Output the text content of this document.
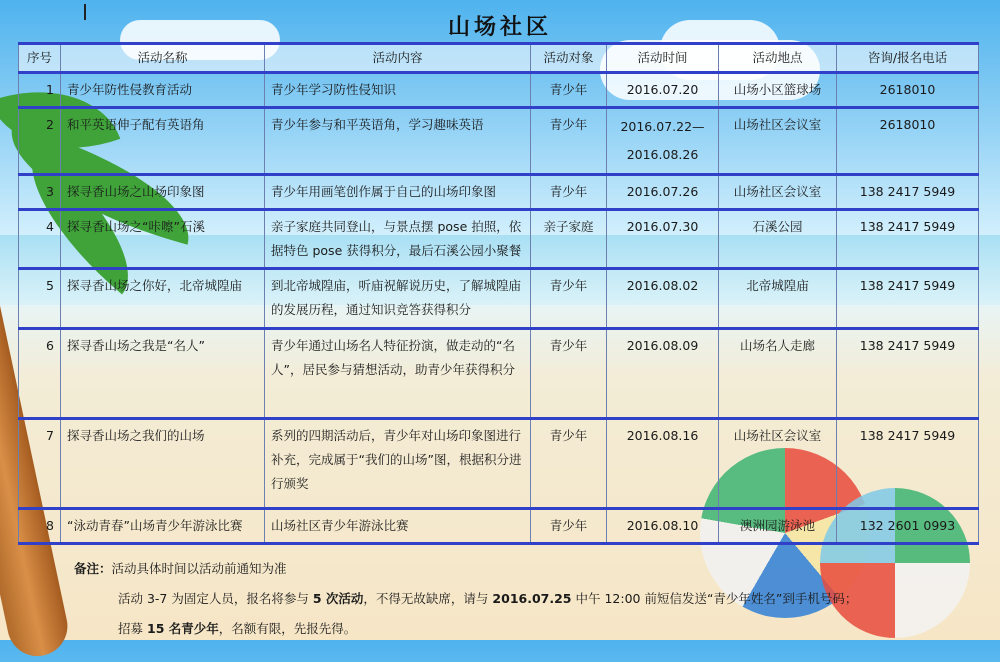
山场社区
序号	活动名称	活动内容	活动对象	活动时间	活动地点	咨询/报名电话
1	青少年防性侵教育活动	青少年学习防性侵知识	青少年	2016.07.20	山场小区篮球场	2618010
2	和平英语伸子配有英语角	青少年参与和平英语角，学习趣味英语	青少年	2016.07.22—2016.08.26	山场社区会议室	2618010
3	探寻香山场之山场印象图	青少年用画笔创作属于自己的山场印象图	青少年	2016.07.26	山场社区会议室	138 2417 5949
4	探寻香山场之“咔嚓”石溪	亲子家庭共同登山，与景点摆 pose 拍照，依据特色 pose 获得积分，最后石溪公园小聚餐	亲子家庭	2016.07.30	石溪公园	138 2417 5949
5	探寻香山场之你好，北帝城隍庙	到北帝城隍庙，听庙祝解说历史，了解城隍庙的发展历程，通过知识竞答获得积分	青少年	2016.08.02	北帝城隍庙	138 2417 5949
6	探寻香山场之我是“名人”	青少年通过山场名人特征扮演，做走动的“名人”，居民参与猜想活动，助青少年获得积分	青少年	2016.08.09	山场名人走廊	138 2417 5949
7	探寻香山场之我们的山场	系列的四期活动后，青少年对山场印象图进行补充，完成属于“我们的山场”图，根据积分进行颁奖	青少年	2016.08.16	山场社区会议室	138 2417 5949
8	“泳动青春”山场青少年游泳比赛	山场社区青少年游泳比赛	青少年	2016.08.10	澳洲园游泳池	132 2601 0993
备注：活动具体时间以活动前通知为准
活动 3-7 为固定人员，报名将参与 5 次活动，不得无故缺席，请与 2016.07.25 中午 12:00 前短信发送“青少年姓名”到手机号码；
招募 15 名青少年，名额有限，先报先得。
